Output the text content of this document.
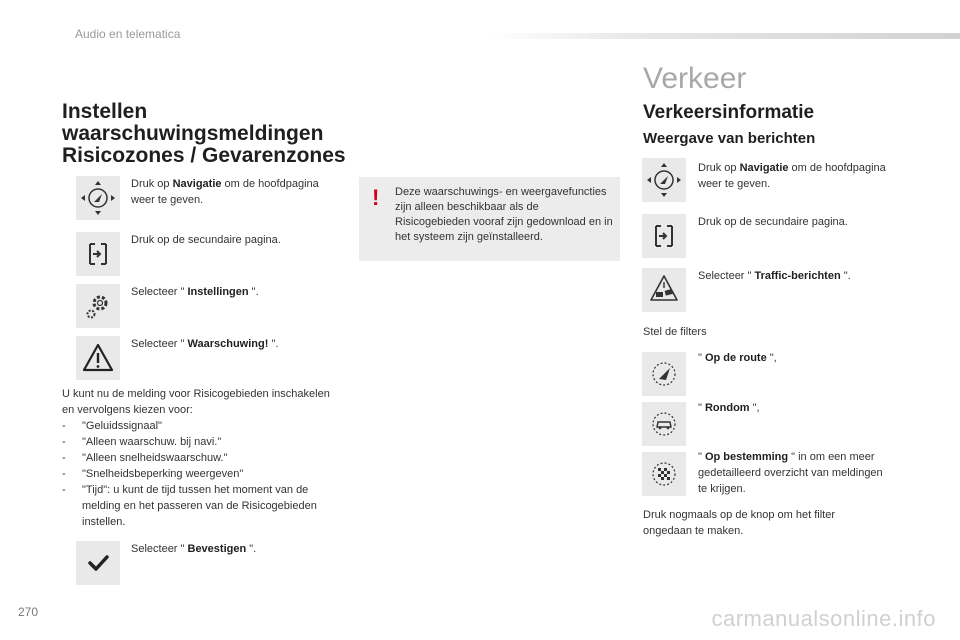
Audio en telematica
Instellen waarschuwingsmeldingen Risicozones / Gevarenzones
Druk op Navigatie om de hoofdpagina weer te geven.
Druk op de secundaire pagina.
Selecteer " Instellingen ".
Selecteer " Waarschuwing! ".
U kunt nu de melding voor Risicogebieden inschakelen en vervolgens kiezen voor:
- "Geluidssignaal"
- "Alleen waarschuw. bij navi."
- "Alleen snelheidswaarschuw."
- "Snelheidsbeperking weergeven"
- "Tijd": u kunt de tijd tussen het moment van de melding en het passeren van de Risicogebieden instellen.
Selecteer " Bevestigen ".
! Deze waarschuwings- en weergavefuncties zijn alleen beschikbaar als de Risicogebieden vooraf zijn gedownload en in het systeem zijn geïnstalleerd.
Verkeer
Verkeersinformatie
Weergave van berichten
Druk op Navigatie om de hoofdpagina weer te geven.
Druk op de secundaire pagina.
Selecteer " Traffic-berichten ".
Stel de filters
" Op de route ",
" Rondom ",
" Op bestemming " in om een meer gedetailleerd overzicht van meldingen te krijgen.
Druk nogmaals op de knop om het filter ongedaan te maken.
270	carmanualsonline.info
